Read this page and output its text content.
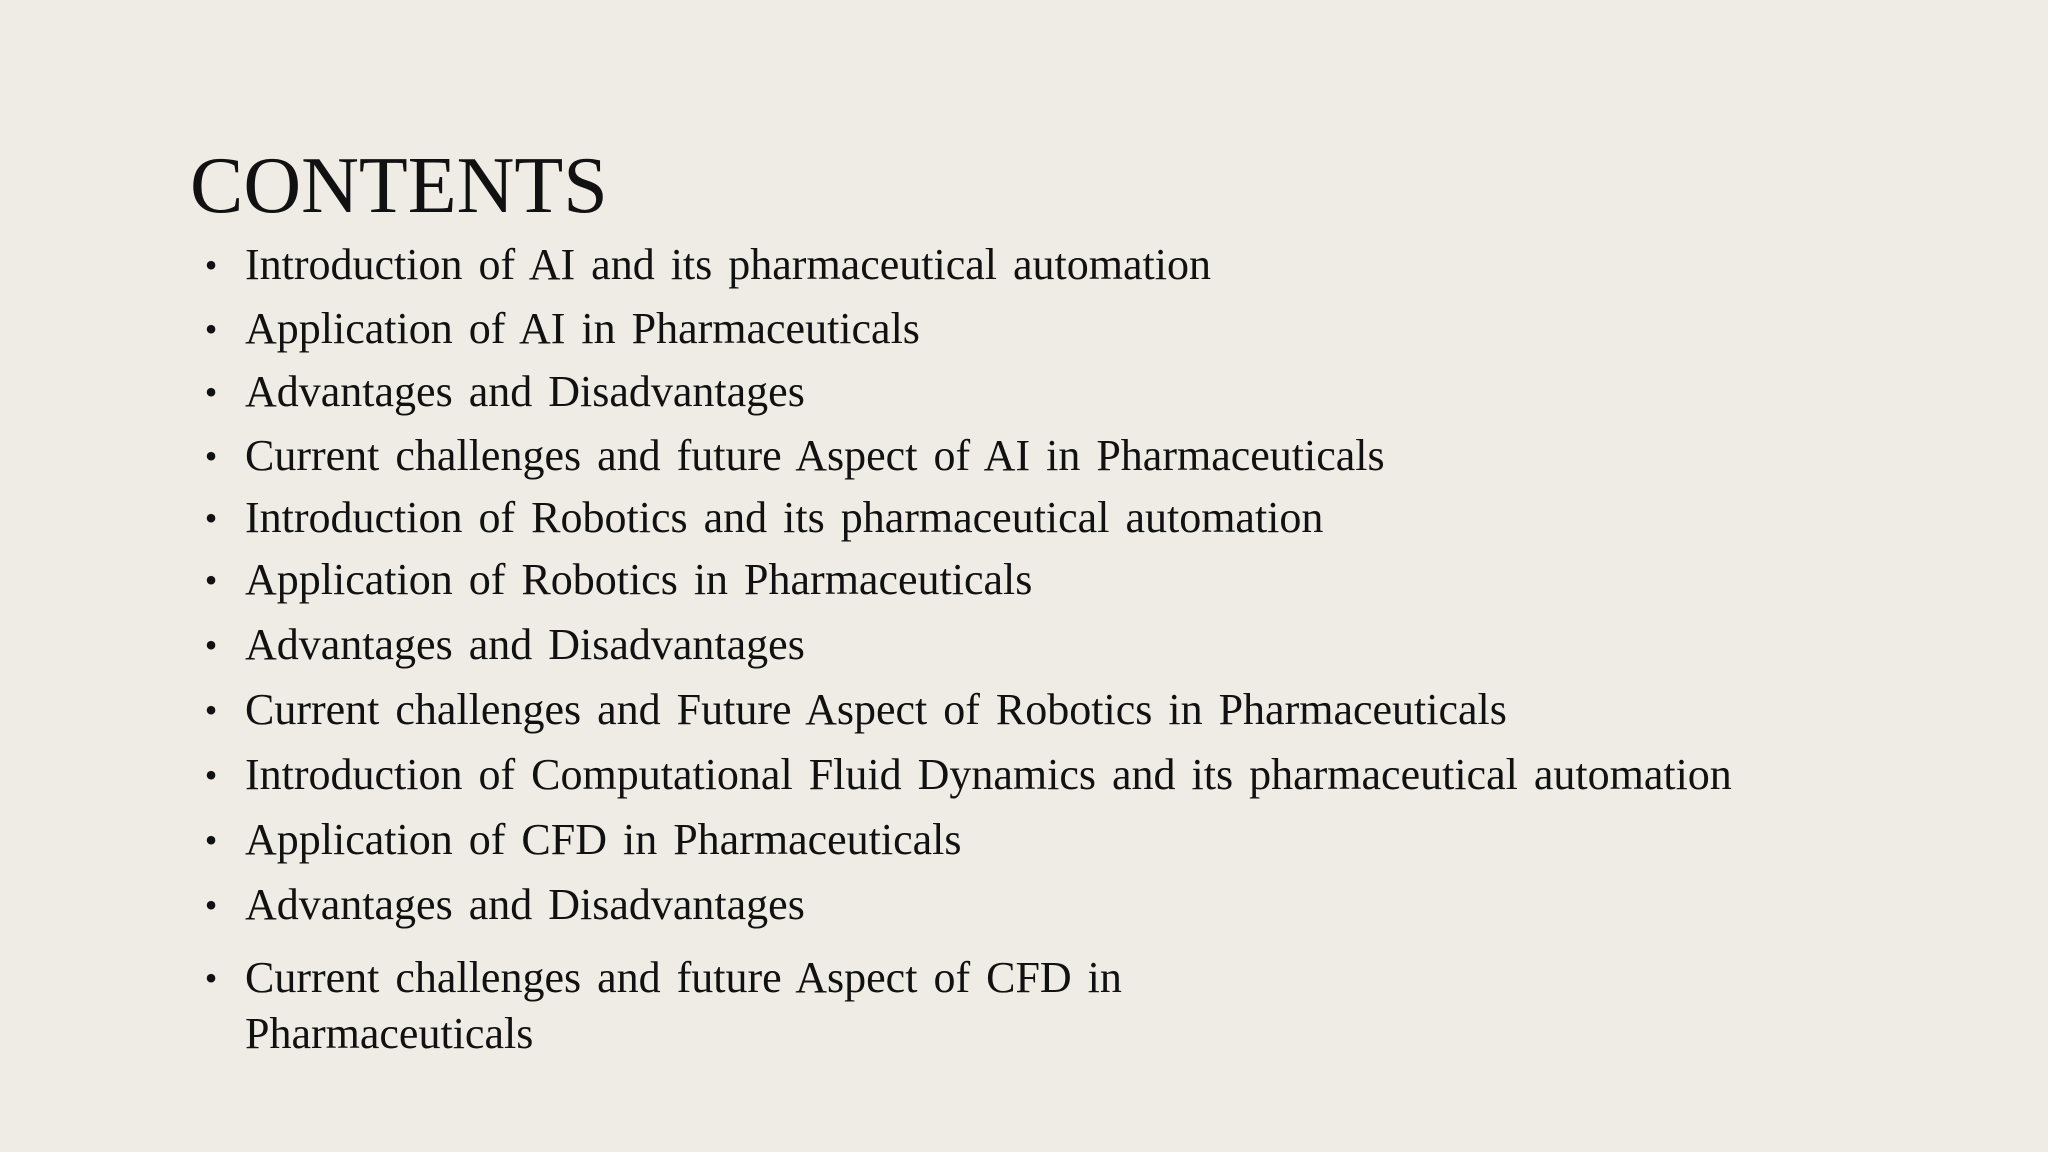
CONTENTS
• Introduction of AI and its pharmaceutical automation
• Application of AI in Pharmaceuticals
• Advantages and Disadvantages
• Current challenges and future Aspect of AI in Pharmaceuticals
• Introduction of Robotics and its pharmaceutical automation
• Application of Robotics in Pharmaceuticals
• Advantages and Disadvantages
• Current challenges and Future Aspect of Robotics in Pharmaceuticals
• Introduction of Computational Fluid Dynamics and its pharmaceutical automation
• Application of CFD in Pharmaceuticals
• Advantages and Disadvantages
• Current challenges and future Aspect of CFD in Pharmaceuticals
